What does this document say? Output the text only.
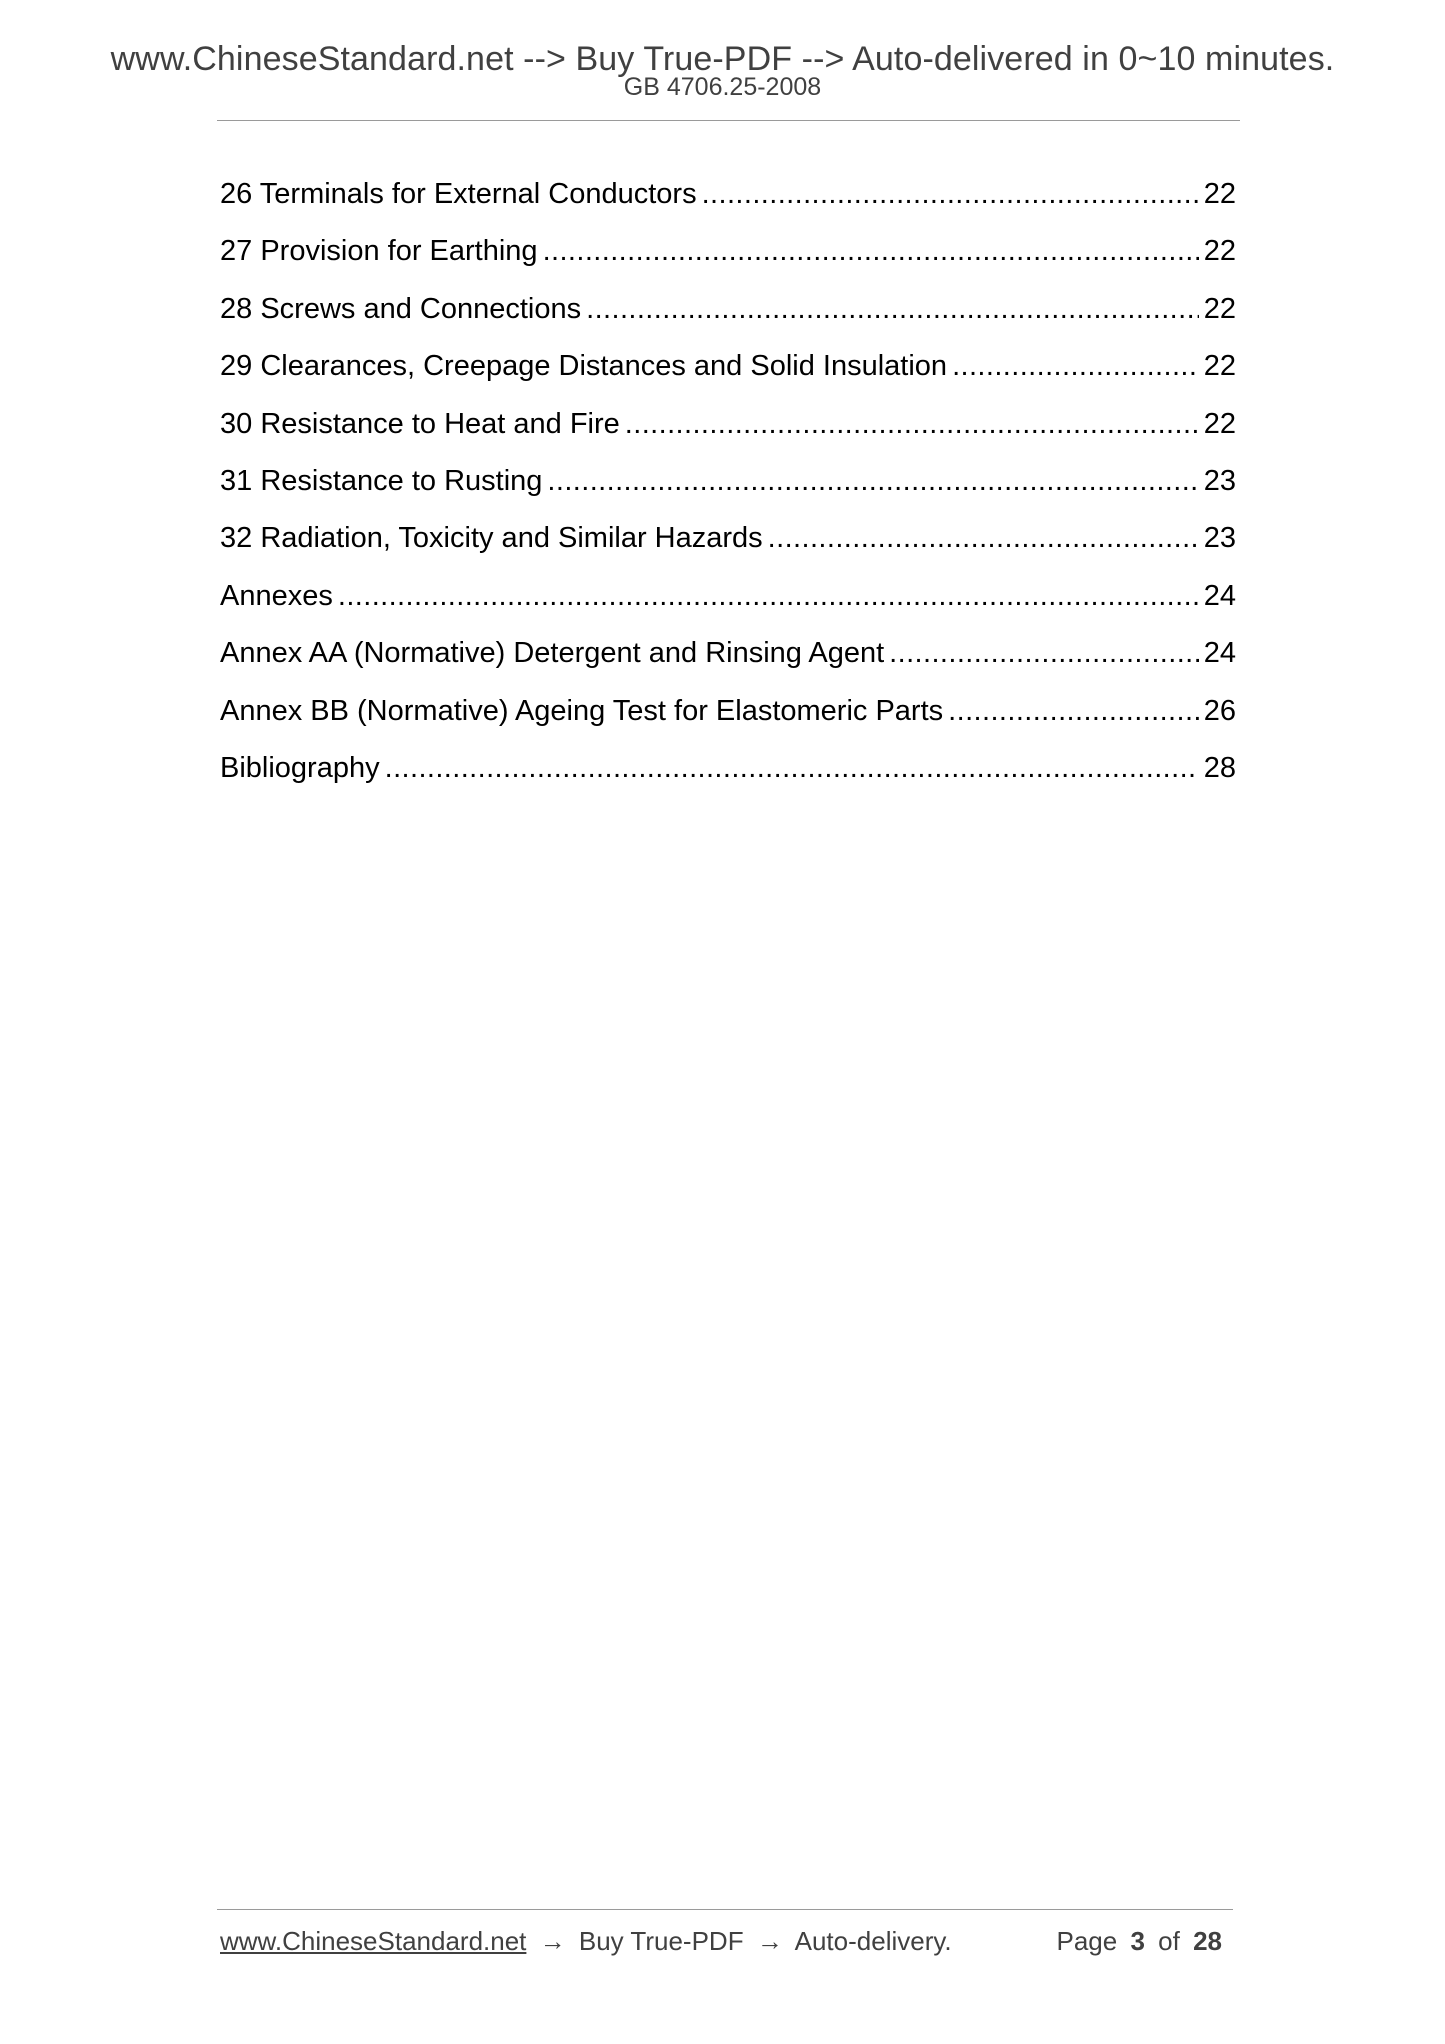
www.ChineseStandard.net --> Buy True-PDF --> Auto-delivered in 0~10 minutes.
GB 4706.25-2008
26 Terminals for External Conductors .....	22
27 Provision for Earthing .....	22
28 Screws and Connections .....	22
29 Clearances, Creepage Distances and Solid Insulation .....	22
30 Resistance to Heat and Fire .....	22
31 Resistance to Rusting .....	23
32 Radiation, Toxicity and Similar Hazards .....	23
Annexes .....	24
Annex AA (Normative) Detergent and Rinsing Agent .....	24
Annex BB (Normative) Ageing Test for Elastomeric Parts .....	26
Bibliography .....	28
www.ChineseStandard.net → Buy True-PDF → Auto-delivery.	Page 3 of 28
